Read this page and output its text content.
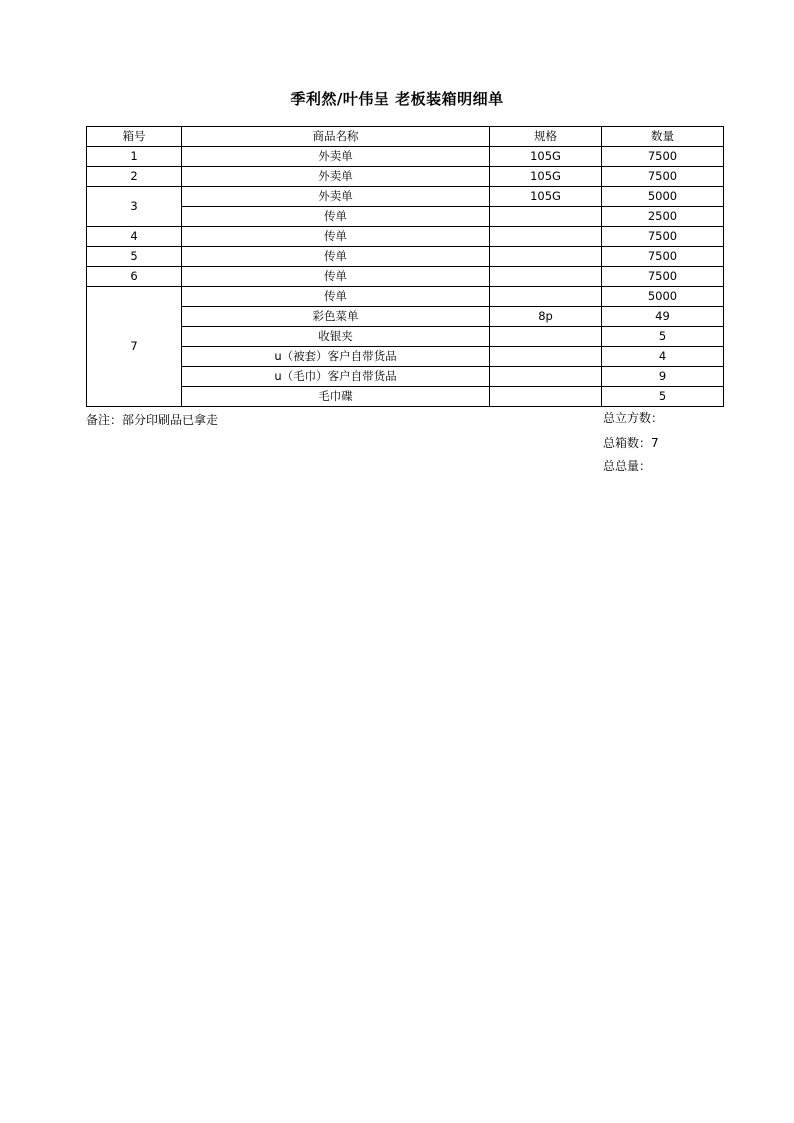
季利然/叶伟呈 老板装箱明细单
箱号	商品名称	规格	数量
1	外卖单	105G	7500
2	外卖单	105G	7500
3	外卖单	105G	5000
	传单		2500
4	传单		7500
5	传单		7500
6	传单		7500
7	传单		5000
	彩色菜单	8p	49
	收银夹		5
	u（被套）客户自带货品		4
	u（毛巾）客户自带货品		9
	毛巾碟		5
备注：部分印刷品已拿走	总立方数：
总箱数：7
总总量：
